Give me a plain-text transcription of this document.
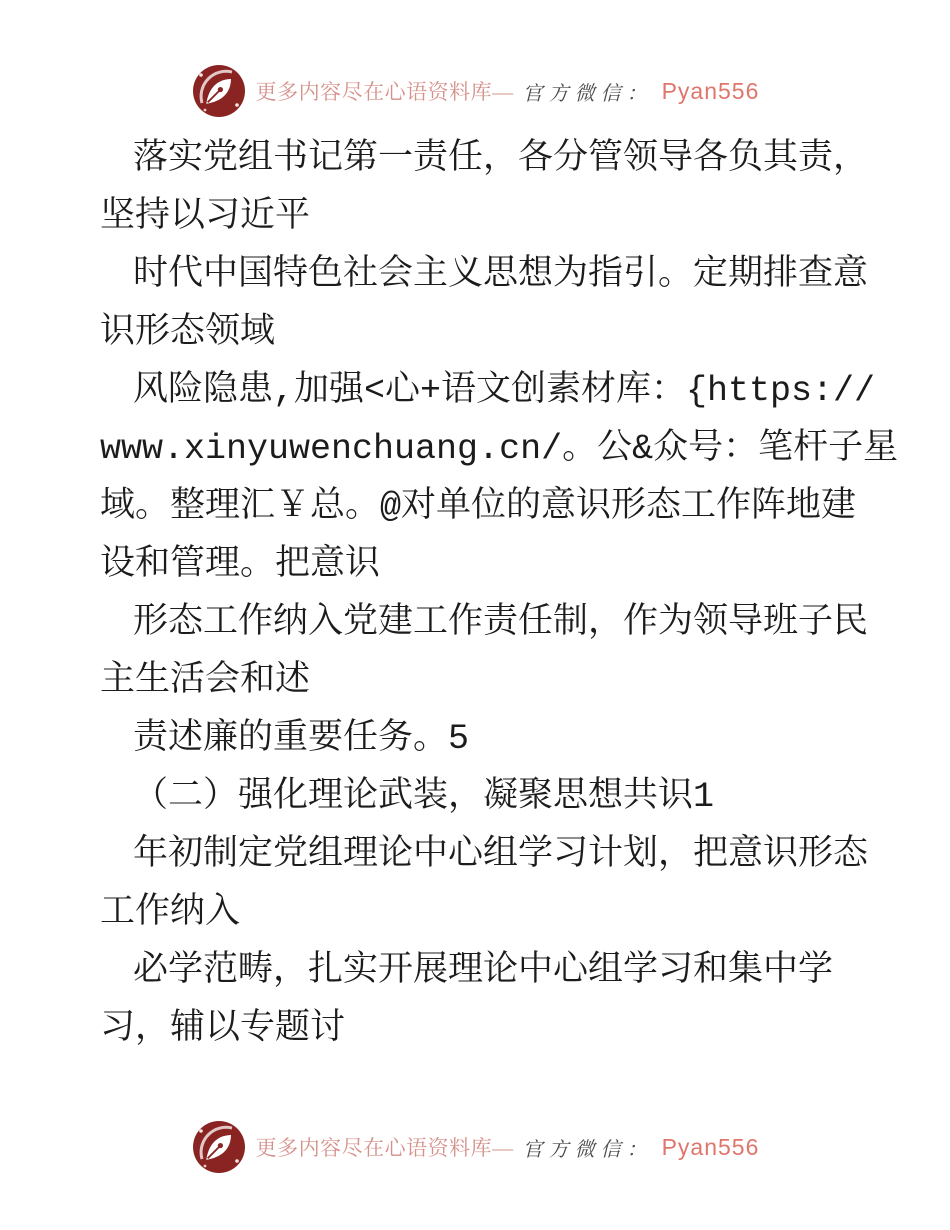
更多内容尽在心语资料库— 官方微信： Pyan556
落实党组书记第一责任，各分管领导各负其责，
坚持以习近平
时代中国特色社会主义思想为指引。定期排查意
识形态领域
风险隐患,加强<心+语文创素材库：{https://
www.xinyuwenchuang.cn/。公&众号：笔杆子星
域。整理汇￥总。@对单位的意识形态工作阵地建
设和管理。把意识
形态工作纳入党建工作责任制，作为领导班子民
主生活会和述
责述廉的重要任务。5
（二）强化理论武装，凝聚思想共识1
年初制定党组理论中心组学习计划，把意识形态
工作纳入
必学范畴，扎实开展理论中心组学习和集中学
习，辅以专题讨
更多内容尽在心语资料库— 官方微信： Pyan556
